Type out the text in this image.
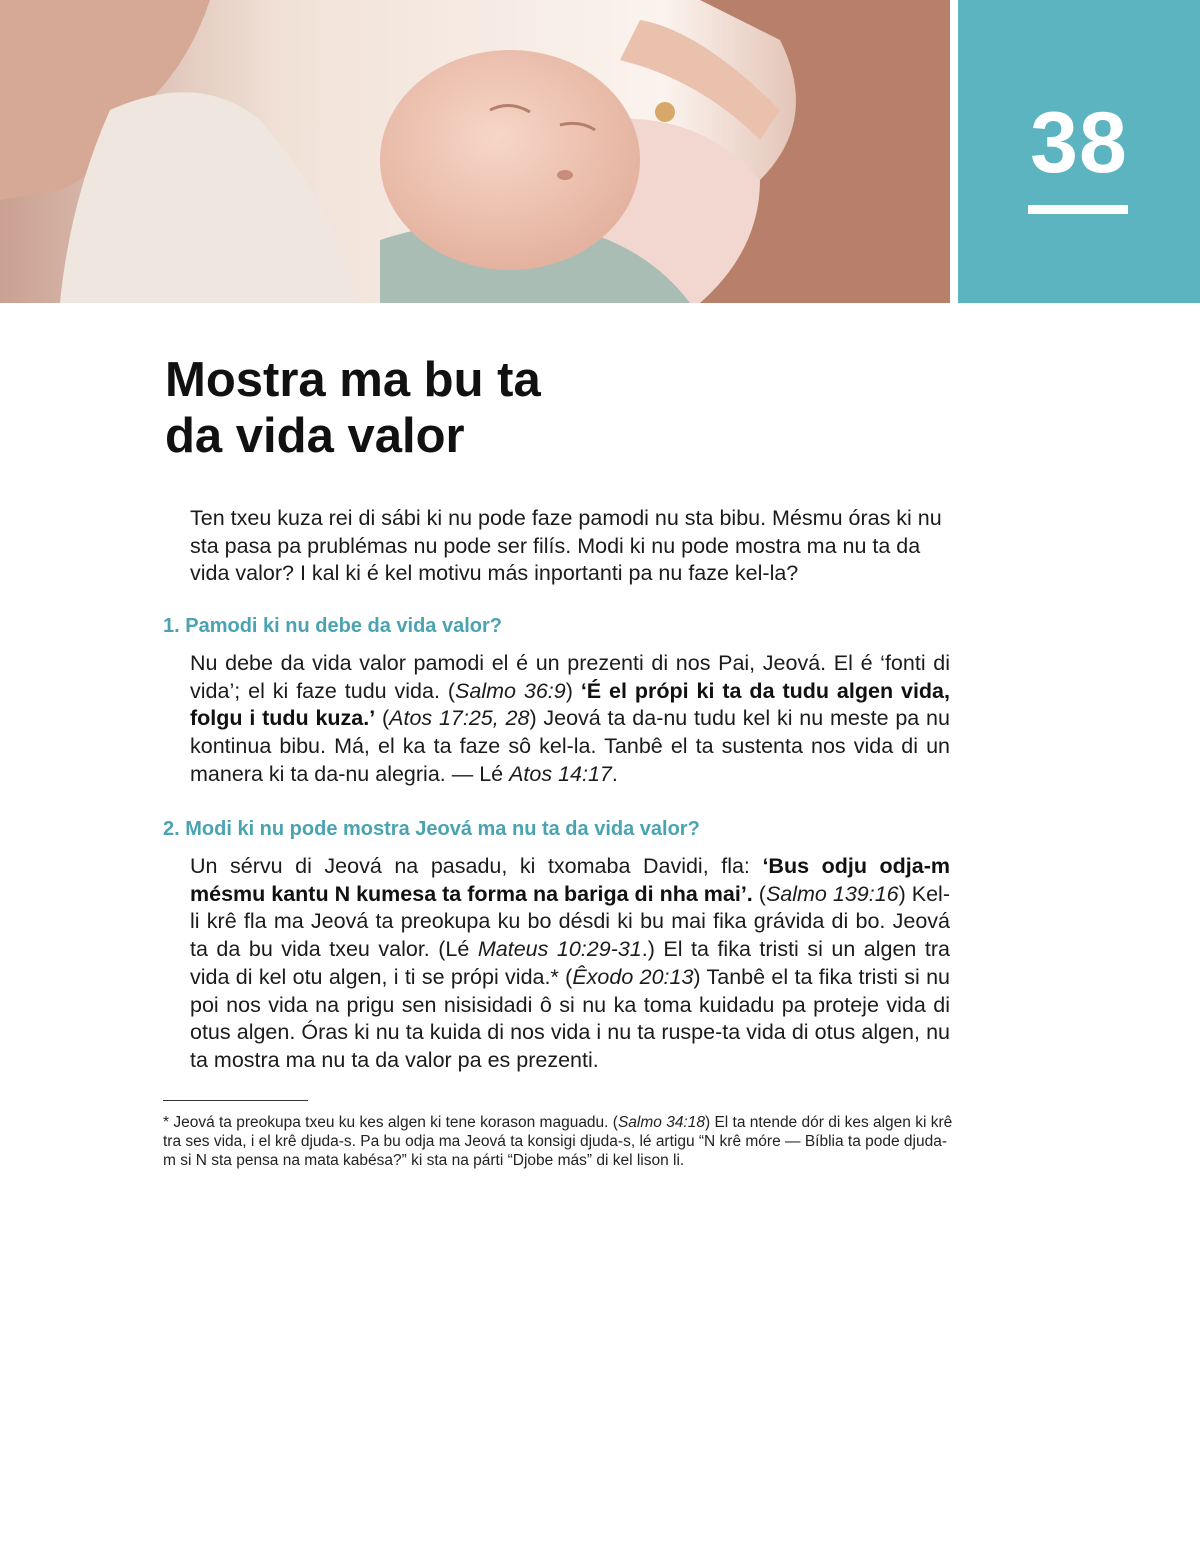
38
Mostra ma bu ta
da vida valor

Ten txeu kuza rei di sábi ki nu pode faze pamodi nu sta bibu. Mésmu óras ki nu sta pasa pa prublémas nu pode ser filís. Modi ki nu pode mostra ma nu ta da vida valor? I kal ki é kel motivu más inportanti pa nu faze kel-la?

1. Pamodi ki nu debe da vida valor?

Nu debe da vida valor pamodi el é un prezenti di nos Pai, Jeová. El é ‘fonti di vida’; el ki faze tudu vida. (Salmo 36:9) ‘É el própi ki ta da tudu algen vida, folgu i tudu kuza.’ (Atos 17:25, 28) Jeová ta da-nu tudu kel ki nu meste pa nu kontinua bibu. Má, el ka ta faze sô kel-la. Tanbê el ta sustenta nos vida di un manera ki ta da-nu alegria. — Lé Atos 14:17.

2. Modi ki nu pode mostra Jeová ma nu ta da vida valor?

Un sérvu di Jeová na pasadu, ki txomaba Davidi, fla: ‘Bus odju odja-m mésmu kantu N kumesa ta forma na bariga di nha mai’. (Salmo 139:16) Kel-li krê fla ma Jeová ta preokupa ku bo désdi ki bu mai fika grávida di bo. Jeová ta da bu vida txeu valor. (Lé Mateus 10:29-31.) El ta fika tristi si un algen tra vida di kel otu algen, i ti se própi vida.* (Êxodo 20:13) Tanbê el ta fika tristi si nu poi nos vida na prigu sen nisisidadi ô si nu ka toma kuidadu pa proteje vida di otus algen. Óras ki nu ta kuida di nos vida i nu ta ruspe-ta vida di otus algen, nu ta mostra ma nu ta da valor pa es prezenti.

* Jeová ta preokupa txeu ku kes algen ki tene korason maguadu. (Salmo 34:18) El ta ntende dór di kes algen ki krê tra ses vida, i el krê djuda-s. Pa bu odja ma Jeová ta konsigi djuda-s, lé artigu “N krê móre — Bíblia ta pode djuda-m si N sta pensa na mata kabésa?” ki sta na párti “Djobe más” di kel lison li.
